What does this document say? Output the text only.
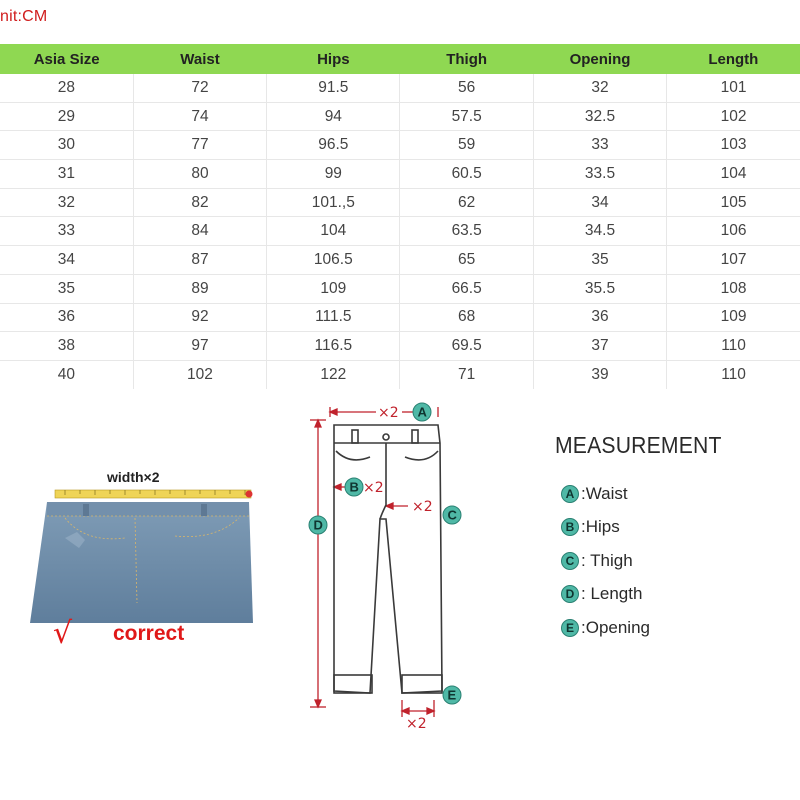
nit:CM
Asia Size	Waist	Hips	Thigh	Opening	Length
28	72	91.5	56	32	101
29	74	94	57.5	32.5	102
30	77	96.5	59	33	103
31	80	99	60.5	33.5	104
32	82	101.,5	62	34	105
33	84	104	63.5	34.5	106
34	87	106.5	65	35	107
35	89	109	66.5	35.5	108
36	92	111.5	68	36	109
38	97	116.5	69.5	37	110
40	102	122	71	39	110
width×2
√ correct
×2
×2
×2
×2
A
B
C
D
E
MEASUREMENT
A :Waist
B :Hips
C : Thigh
D : Length
E :Opening
